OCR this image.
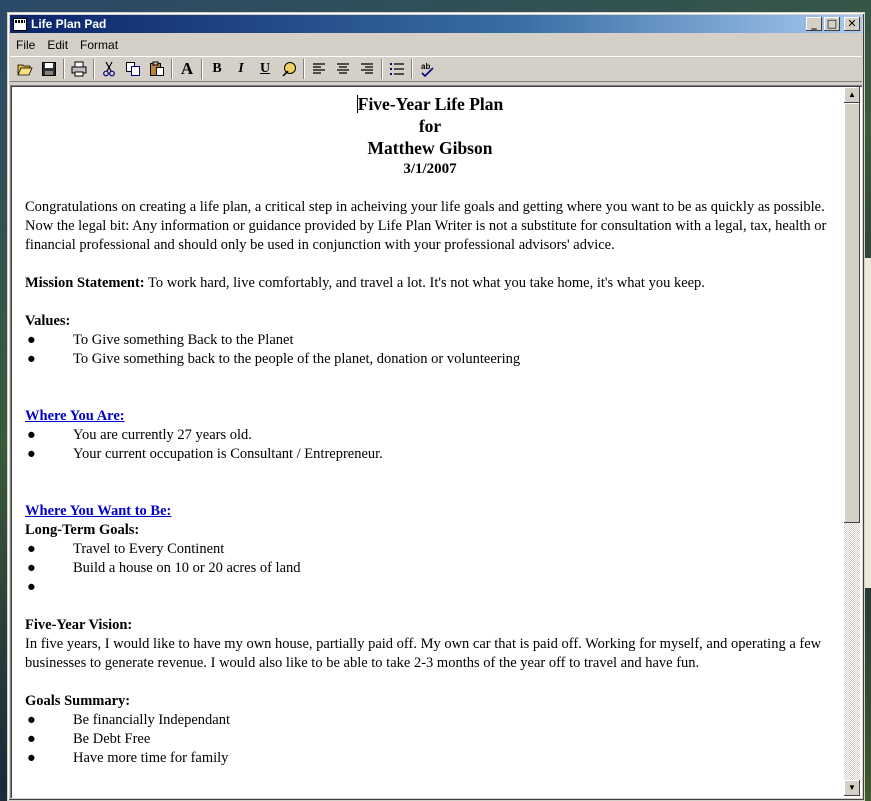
Life Plan Pad	_ □ ✕
File	Edit	Format
A	B	I	U	ab
Five-Year Life Plan
for
Matthew Gibson
3/1/2007
Congratulations on creating a life plan, a critical step in acheiving your life goals and getting where you want to be as quickly as possible. Now the legal bit: Any information or guidance provided by Life Plan Writer is not a substitute for consultation with a legal, tax, health or financial professional and should only be used in conjunction with your professional advisors' advice.
Mission Statement: To work hard, live comfortably, and travel a lot. It's not what you take home, it's what you keep.
Values:
●	To Give something Back to the Planet
●	To Give something back to the people of the planet, donation or volunteering
Where You Are:
●	You are currently 27 years old.
●	Your current occupation is Consultant / Entrepreneur.
Where You Want to Be:
Long-Term Goals:
●	Travel to Every Continent
●	Build a house on 10 or 20 acres of land
●
Five-Year Vision:
In five years, I would like to have my own house, partially paid off. My own car that is paid off. Working for myself, and operating a few businesses to generate revenue. I would also like to be able to take 2-3 months of the year off to travel and have fun.
Goals Summary:
●	Be financially Independant
●	Be Debt Free
●	Have more time for family
▲
▼
